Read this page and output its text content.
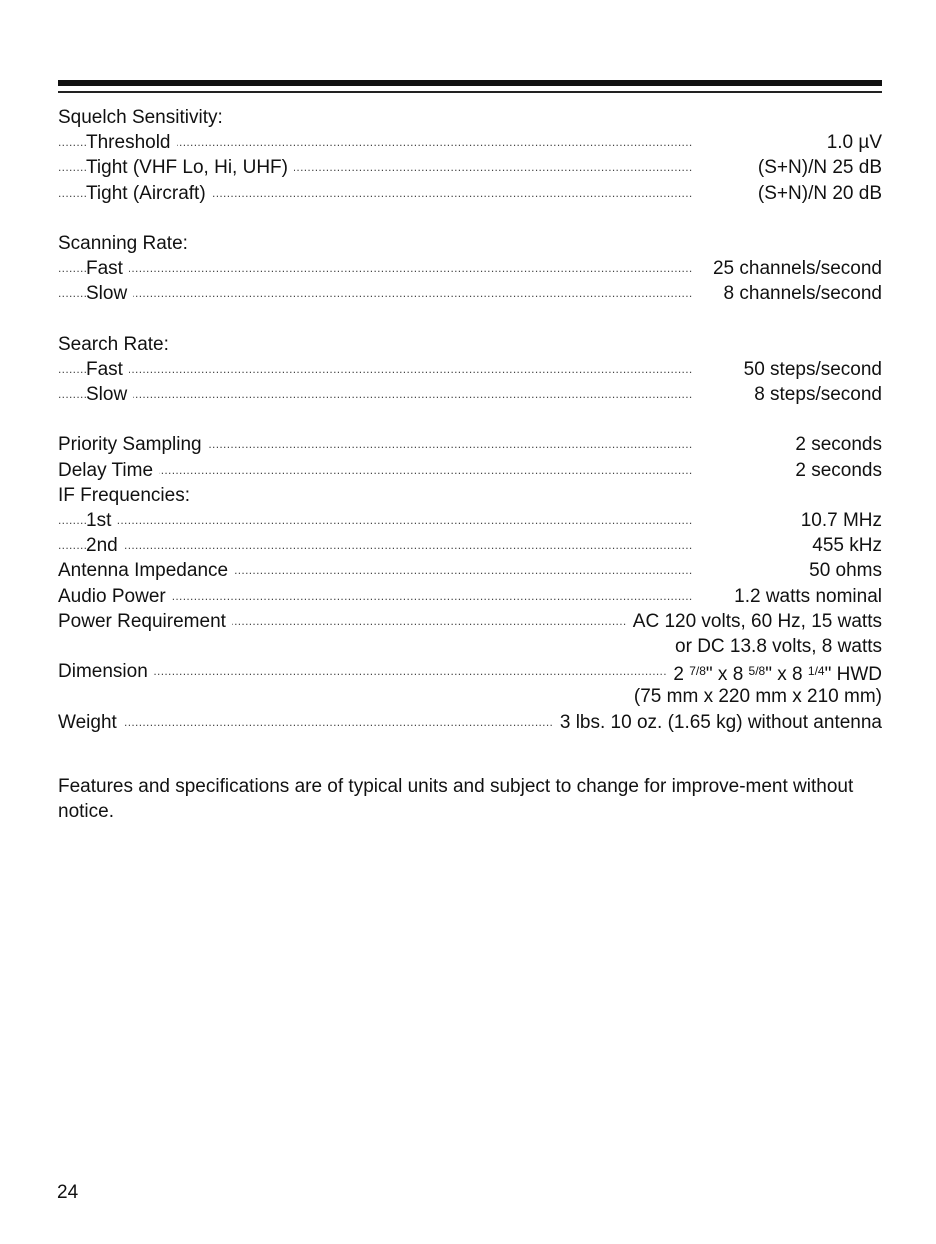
Squelch Sensitivity:
. . . Threshold	1.0 µV
. . . Tight (VHF Lo, Hi, UHF)	(S+N)/N 25 dB
. . . Tight (Aircraft)	(S+N)/N 20 dB
Scanning Rate:
. . . Fast	25 channels/second
. . . Slow	8 channels/second
Search Rate:
. . . Fast	50 steps/second
. . . Slow	8 steps/second
. . . Priority Sampling	2 seconds
. . . Delay Time	2 seconds
IF Frequencies:
. . . 1st	10.7 MHz
. . . 2nd	455 kHz
. . . Antenna Impedance	50 ohms
. . . Audio Power	1.2 watts nominal
. . . Power Requirement	AC 120 volts, 60 Hz, 15 watts
or DC 13.8 volts, 8 watts
. . . Dimension	2 $^{7/8}$" x 8 $^{5/8}$" x 8 $^{1/4}$" HWD
(75 mm x 220 mm x 210 mm)
. . . Weight	3 lbs. 10 oz. (1.65 kg) without antenna
Features and specifications are of typical units and subject to change for improve-ment without notice.
24
